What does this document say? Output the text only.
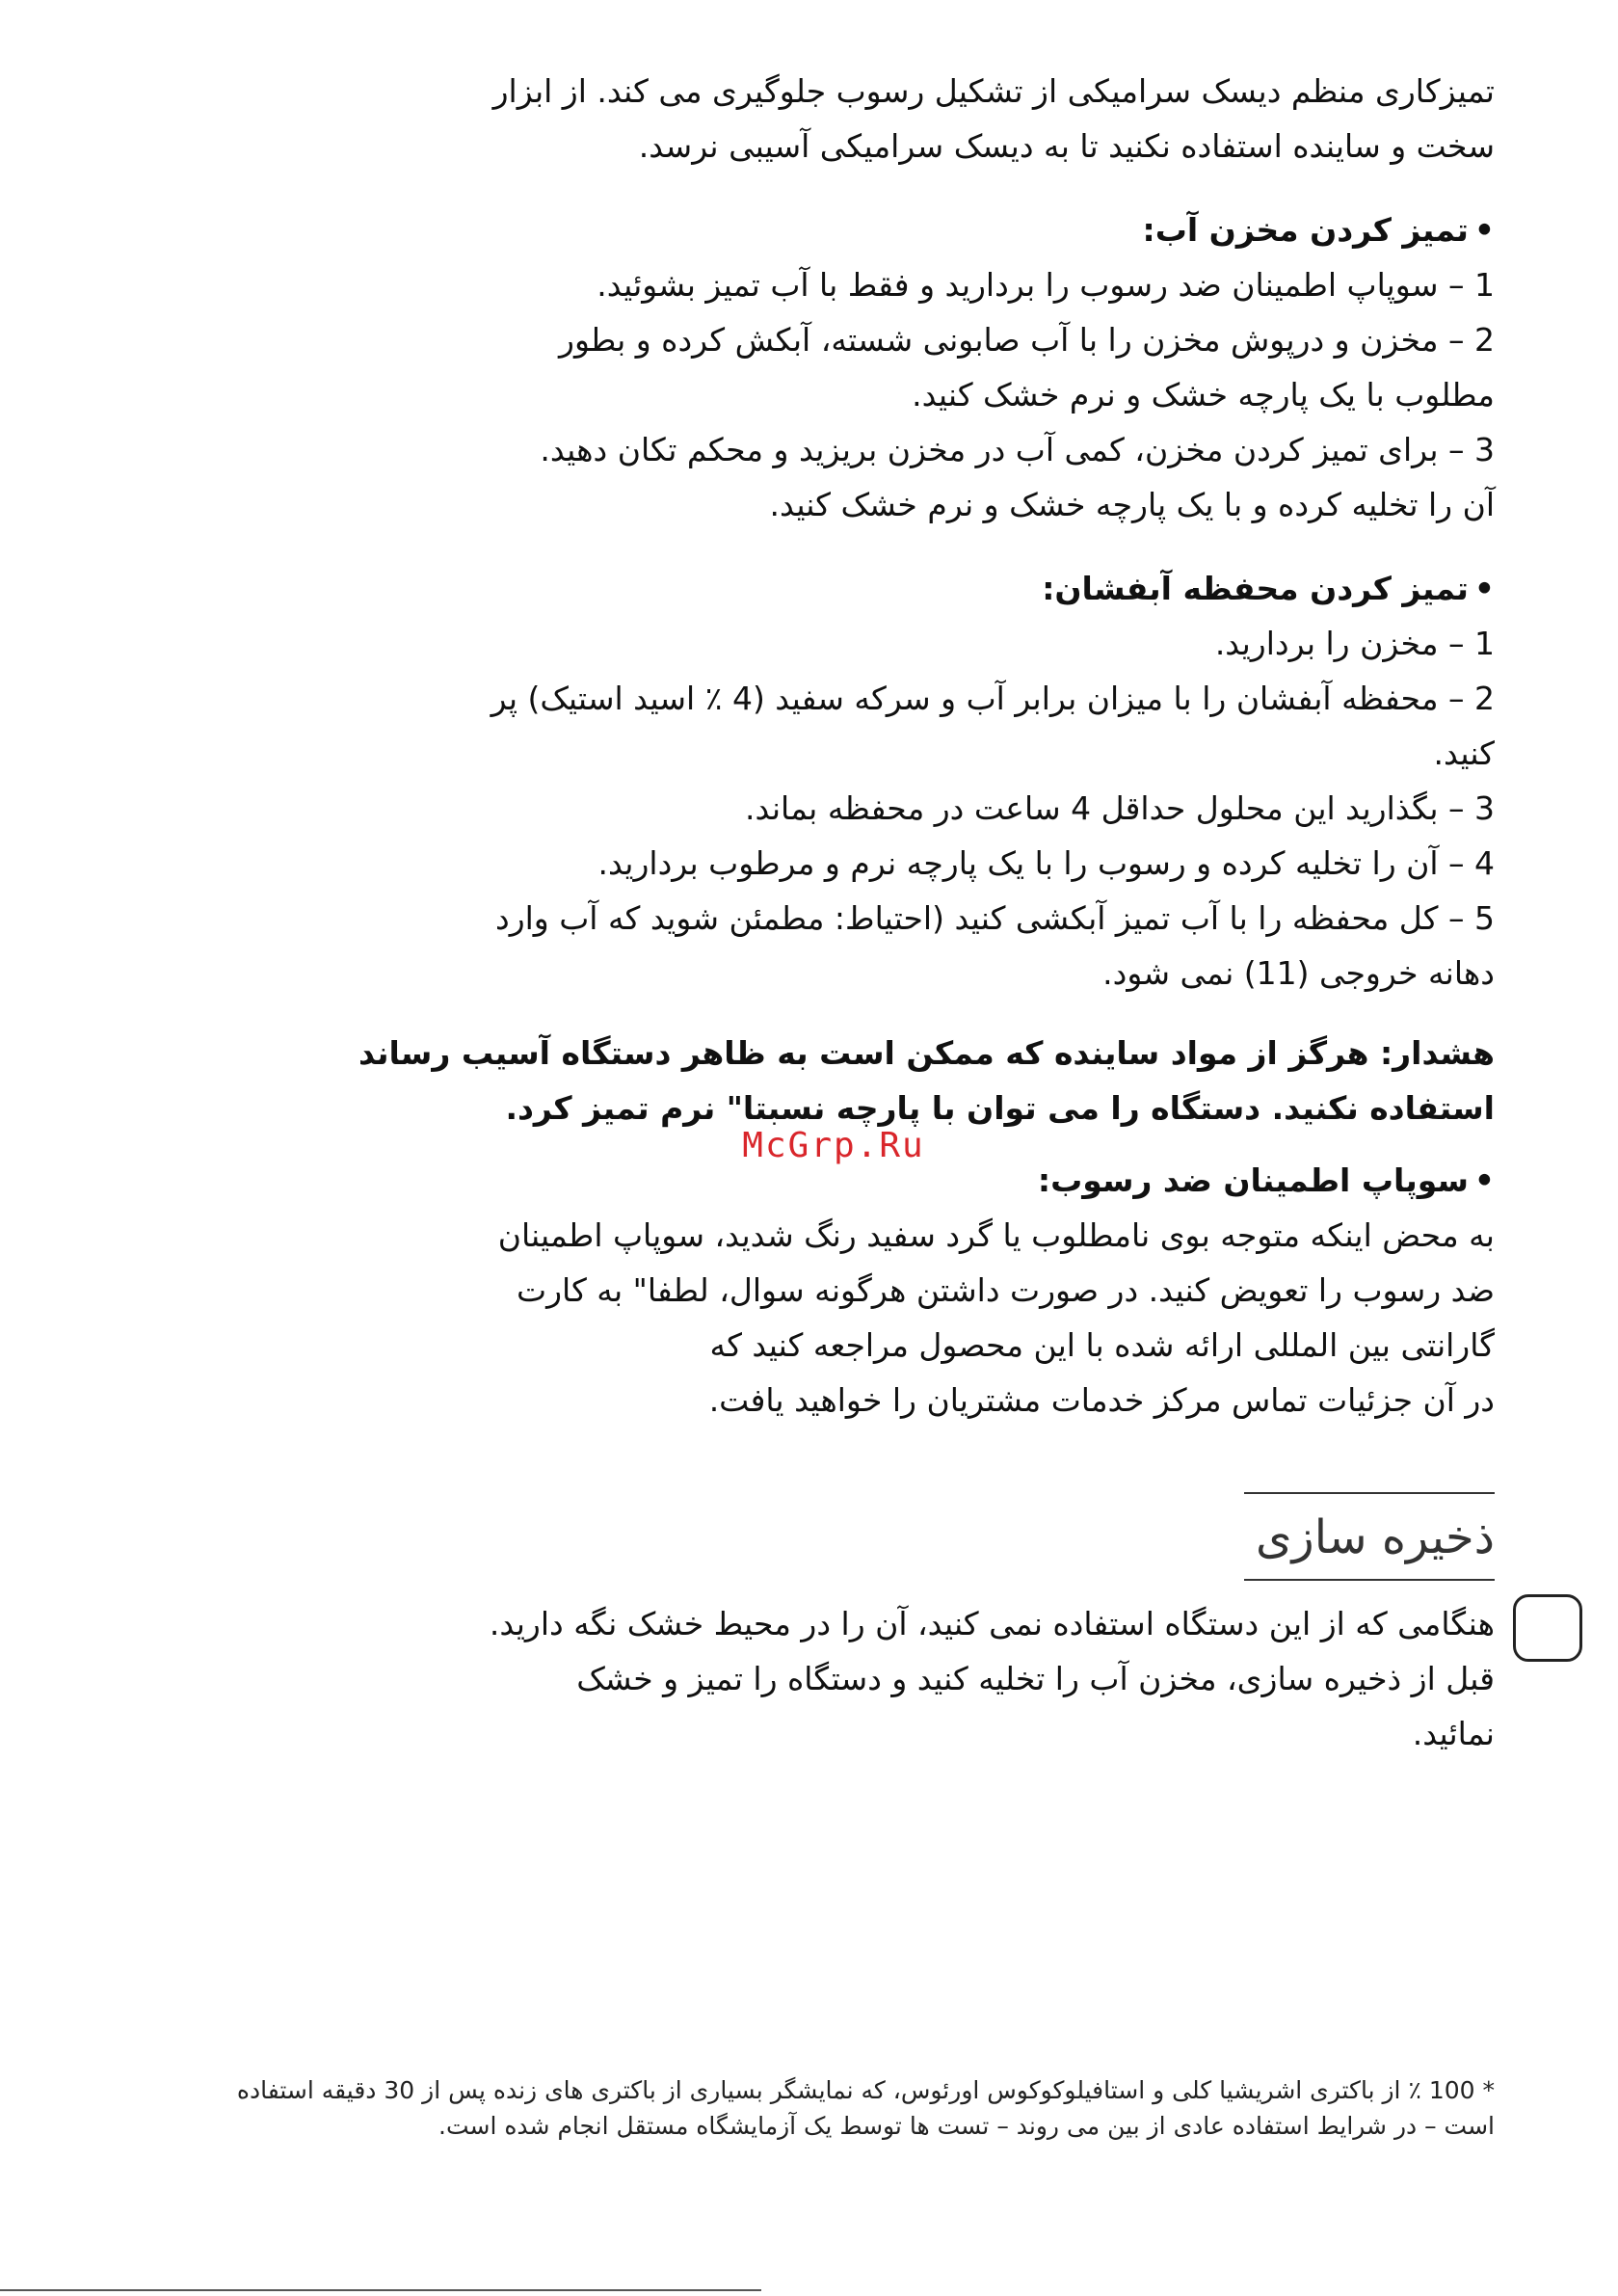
تمیزکاری منظم دیسک سرامیکی از تشکیل رسوب جلوگیری می کند. از ابزار
سخت و ساینده استفاده نکنید تا به دیسک سرامیکی آسیبی نرسد.
• تمیز کردن مخزن آب:
1 – سوپاپ اطمینان ضد رسوب را بردارید و فقط با آب تمیز بشوئید.
2 – مخزن و درپوش مخزن را با آب صابونی شسته، آبکش کرده و بطور
مطلوب با یک پارچه خشک و نرم خشک کنید.
3 – برای تمیز کردن مخزن، کمی آب در مخزن بریزید و محکم تکان دهید.
آن را تخلیه کرده و با یک پارچه خشک و نرم خشک کنید.
• تمیز کردن محفظه آبفشان:
1 – مخزن را بردارید.
2 – محفظه آبفشان را با میزان برابر آب و سرکه سفید (4 ٪ اسید استیک) پر
کنید.
3 – بگذارید این محلول حداقل 4 ساعت در محفظه بماند.
4 – آن را تخلیه کرده و رسوب را با یک پارچه نرم و مرطوب بردارید.
5 – کل محفظه را با آب تمیز آبکشی کنید (احتیاط: مطمئن شوید که آب وارد
دهانه خروجی (11) نمی شود.
هشدار: هرگز از مواد ساینده که ممکن است به ظاهر دستگاه آسیب رساند
استفاده نکنید. دستگاه را می توان با پارچه نسبتا" نرم تمیز کرد.
McGrp.Ru
• سوپاپ اطمینان ضد رسوب:
به محض اینکه متوجه بوی نامطلوب یا گرد سفید رنگ شدید، سوپاپ اطمینان
ضد رسوب را تعویض کنید. در صورت داشتن هرگونه سوال، لطفا" به کارت
گارانتی بین المللی ارائه شده با این محصول مراجعه کنید که
در آن جزئیات تماس مرکز خدمات مشتریان را خواهید یافت.
ذخیره سازی
هنگامی که از این دستگاه استفاده نمی کنید، آن را در محیط خشک نگه دارید.
قبل از ذخیره سازی، مخزن آب را تخلیه کنید و دستگاه را تمیز و خشک
نمائید.
* 100 ٪ از باکتری اشریشیا کلی و استافیلوکوکوس اورئوس، که نمایشگر بسیاری از باکتری های زنده پس از 30 دقیقه استفاده
است – در شرایط استفاده عادی از بین می روند – تست ها توسط یک آزمایشگاه مستقل انجام شده است.
